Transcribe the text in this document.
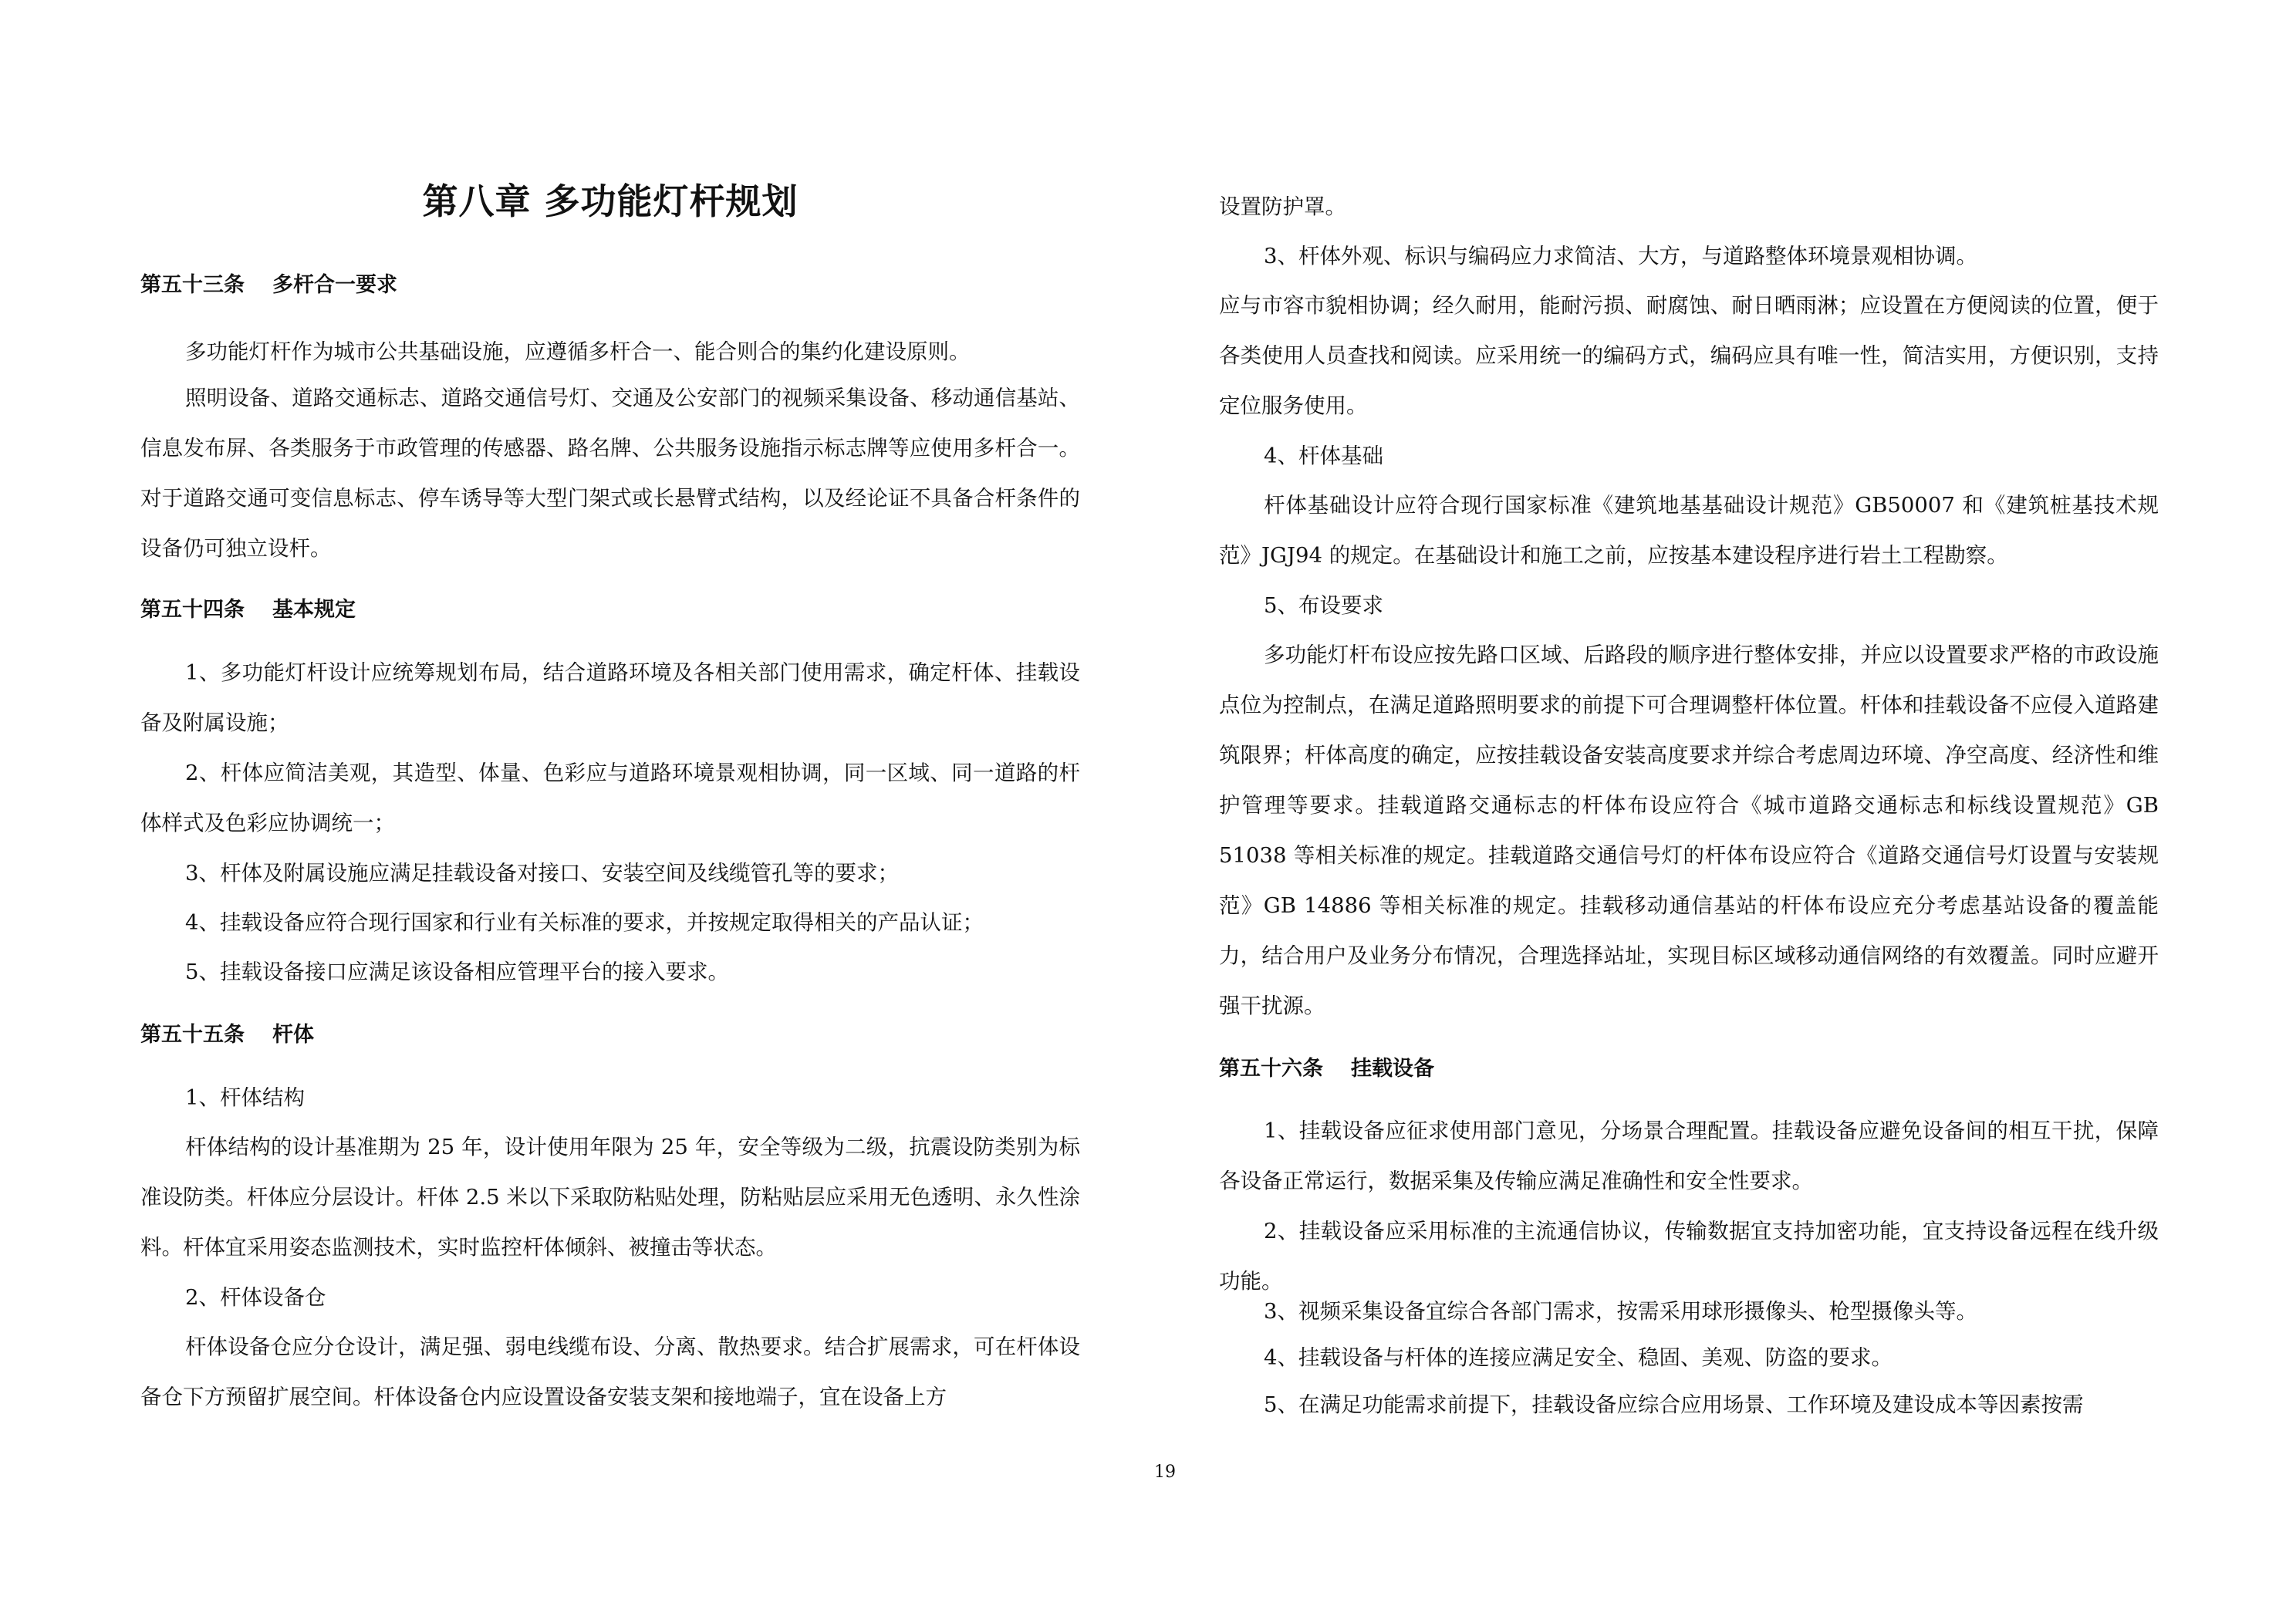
第八章 多功能灯杆规划
第五十三条 多杆合一要求

多功能灯杆作为城市公共基础设施，应遵循多杆合一、能合则合的集约化建设原则。

照明设备、道路交通标志、道路交通信号灯、交通及公安部门的视频采集设备、移动通信基站、信息发布屏、各类服务于市政管理的传感器、路名牌、公共服务设施指示标志牌等应使用多杆合一。对于道路交通可变信息标志、停车诱导等大型门架式或长悬臂式结构，以及经论证不具备合杆条件的设备仍可独立设杆。

第五十四条 基本规定

1、多功能灯杆设计应统筹规划布局，结合道路环境及各相关部门使用需求，确定杆体、挂载设备及附属设施；

2、杆体应简洁美观，其造型、体量、色彩应与道路环境景观相协调，同一区域、同一道路的杆体样式及色彩应协调统一；

3、杆体及附属设施应满足挂载设备对接口、安装空间及线缆管孔等的要求；

4、挂载设备应符合现行国家和行业有关标准的要求，并按规定取得相关的产品认证；

5、挂载设备接口应满足该设备相应管理平台的接入要求。

第五十五条 杆体

1、杆体结构

杆体结构的设计基准期为 25 年，设计使用年限为 25 年，安全等级为二级，抗震设防类别为标准设防类。杆体应分层设计。杆体 2.5 米以下采取防粘贴处理，防粘贴层应采用无色透明、永久性涂料。杆体宜采用姿态监测技术，实时监控杆体倾斜、被撞击等状态。

2、杆体设备仓

杆体设备仓应分仓设计，满足强、弱电线缆布设、分离、散热要求。结合扩展需求，可在杆体设备仓下方预留扩展空间。杆体设备仓内应设置设备安装支架和接地端子，宜在设备上方

设置防护罩。

3、杆体外观、标识与编码应力求简洁、大方，与道路整体环境景观相协调。

应与市容市貌相协调；经久耐用，能耐污损、耐腐蚀、耐日晒雨淋；应设置在方便阅读的位置，便于各类使用人员查找和阅读。应采用统一的编码方式，编码应具有唯一性，简洁实用，方便识别，支持定位服务使用。

4、杆体基础

杆体基础设计应符合现行国家标准《建筑地基基础设计规范》GB50007 和《建筑桩基技术规范》JGJ94 的规定。在基础设计和施工之前，应按基本建设程序进行岩土工程勘察。

5、布设要求

多功能灯杆布设应按先路口区域、后路段的顺序进行整体安排，并应以设置要求严格的市政设施点位为控制点，在满足道路照明要求的前提下可合理调整杆体位置。杆体和挂载设备不应侵入道路建筑限界；杆体高度的确定，应按挂载设备安装高度要求并综合考虑周边环境、净空高度、经济性和维护管理等要求。挂载道路交通标志的杆体布设应符合《城市道路交通标志和标线设置规范》GB 51038 等相关标准的规定。挂载道路交通信号灯的杆体布设应符合《道路交通信号灯设置与安装规范》GB 14886 等相关标准的规定。挂载移动通信基站的杆体布设应充分考虑基站设备的覆盖能力，结合用户及业务分布情况，合理选择站址，实现目标区域移动通信网络的有效覆盖。同时应避开强干扰源。

第五十六条 挂载设备

1、挂载设备应征求使用部门意见，分场景合理配置。挂载设备应避免设备间的相互干扰，保障各设备正常运行，数据采集及传输应满足准确性和安全性要求。

2、挂载设备应采用标准的主流通信协议，传输数据宜支持加密功能，宜支持设备远程在线升级功能。

3、视频采集设备宜综合各部门需求，按需采用球形摄像头、枪型摄像头等。

4、挂载设备与杆体的连接应满足安全、稳固、美观、防盗的要求。

5、在满足功能需求前提下，挂载设备应综合应用场景、工作环境及建设成本等因素按需

19
